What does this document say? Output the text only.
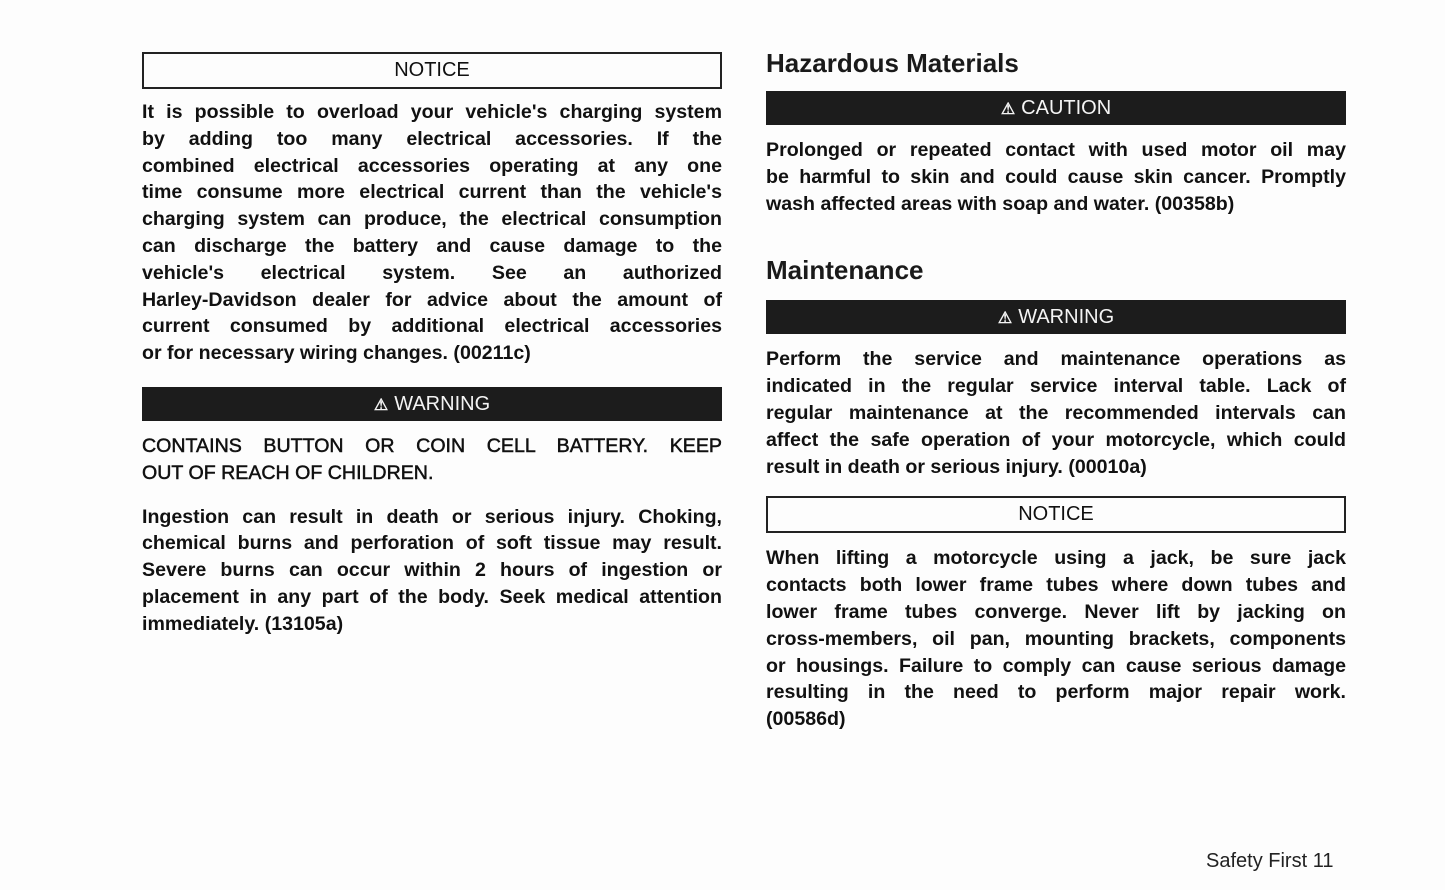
NOTICE
It is possible to overload your vehicle's charging system
by adding too many electrical accessories. If the
combined electrical accessories operating at any one
time consume more electrical current than the vehicle's
charging system can produce, the electrical consumption
can discharge the battery and cause damage to the
vehicle's electrical system. See an authorized
Harley-Davidson dealer for advice about the amount of
current consumed by additional electrical accessories
or for necessary wiring changes. (00211c)
⚠ WARNING
CONTAINS BUTTON OR COIN CELL BATTERY. KEEP
OUT OF REACH OF CHILDREN.
Ingestion can result in death or serious injury. Choking,
chemical burns and perforation of soft tissue may result.
Severe burns can occur within 2 hours of ingestion or
placement in any part of the body. Seek medical attention
immediately. (13105a)
Hazardous Materials
⚠ CAUTION
Prolonged or repeated contact with used motor oil may
be harmful to skin and could cause skin cancer. Promptly
wash affected areas with soap and water. (00358b)
Maintenance
⚠ WARNING
Perform the service and maintenance operations as
indicated in the regular service interval table. Lack of
regular maintenance at the recommended intervals can
affect the safe operation of your motorcycle, which could
result in death or serious injury. (00010a)
NOTICE
When lifting a motorcycle using a jack, be sure jack
contacts both lower frame tubes where down tubes and
lower frame tubes converge. Never lift by jacking on
cross-members, oil pan, mounting brackets, components
or housings. Failure to comply can cause serious damage
resulting in the need to perform major repair work.
(00586d)
Safety First 11
